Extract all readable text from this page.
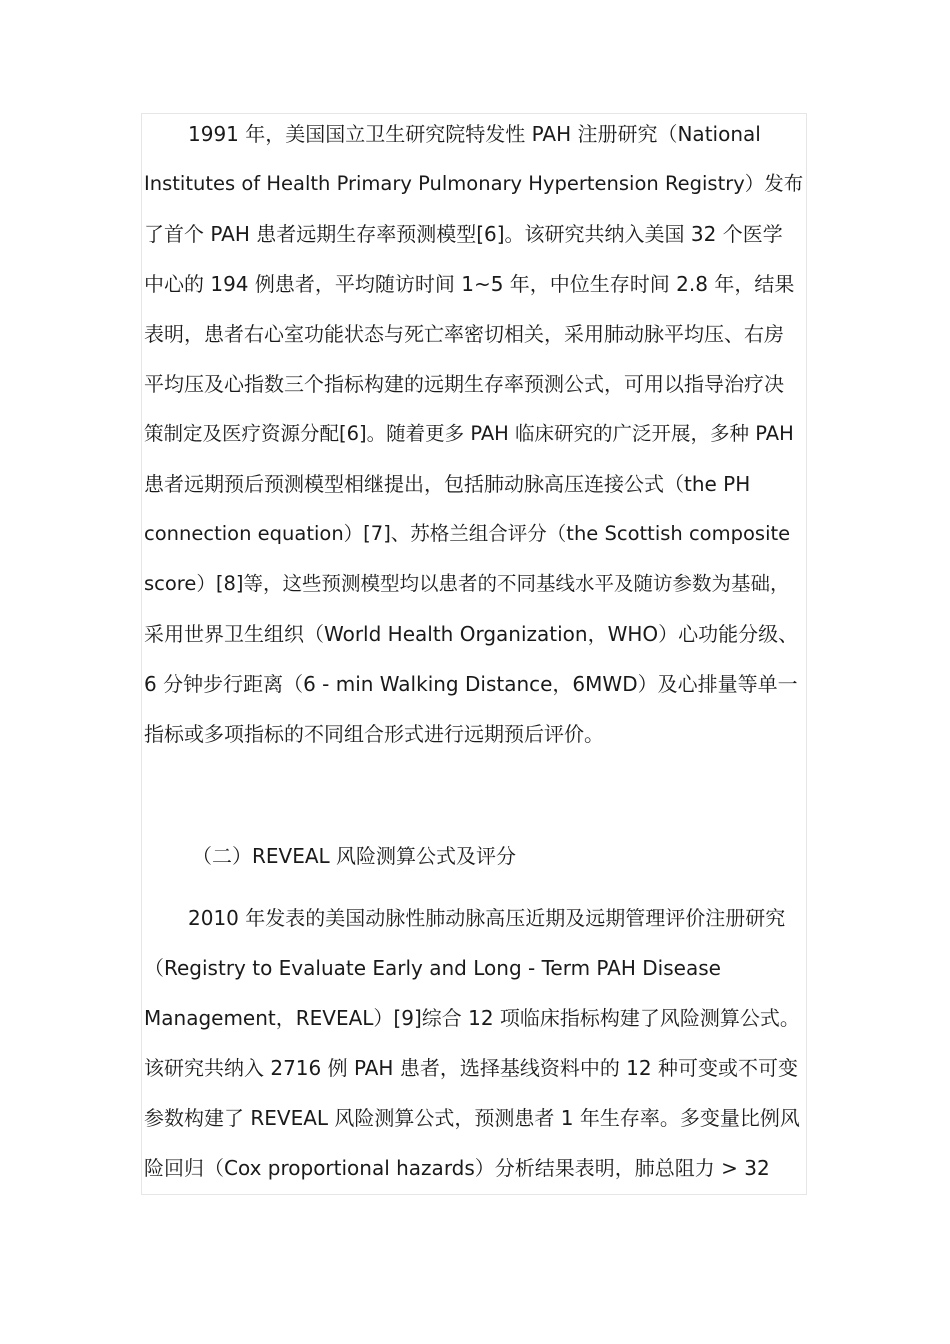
1991 年，美国国立卫生研究院特发性 PAH 注册研究（National
Institutes of Health Primary Pulmonary Hypertension Registry）发布
了首个 PAH 患者远期生存率预测模型[6]。该研究共纳入美国 32 个医学
中心的 194 例患者，平均随访时间 1~5 年，中位生存时间 2.8 年，结果
表明，患者右心室功能状态与死亡率密切相关，采用肺动脉平均压、右房
平均压及心指数三个指标构建的远期生存率预测公式，可用以指导治疗决
策制定及医疗资源分配[6]。随着更多 PAH 临床研究的广泛开展，多种 PAH
患者远期预后预测模型相继提出，包括肺动脉高压连接公式（the PH
connection equation）[7]、苏格兰组合评分（the Scottish composite
score）[8]等，这些预测模型均以患者的不同基线水平及随访参数为基础，
采用世界卫生组织（World Health Organization，WHO）心功能分级、
6 分钟步行距离（6 - min Walking Distance，6MWD）及心排量等单一
指标或多项指标的不同组合形式进行远期预后评价。
（二）REVEAL 风险测算公式及评分
2010 年发表的美国动脉性肺动脉高压近期及远期管理评价注册研究
（Registry to Evaluate Early and Long - Term PAH Disease
Management，REVEAL）[9]综合 12 项临床指标构建了风险测算公式。
该研究共纳入 2716 例 PAH 患者，选择基线资料中的 12 种可变或不可变
参数构建了 REVEAL 风险测算公式，预测患者 1 年生存率。多变量比例风
险回归（Cox proportional hazards）分析结果表明，肺总阻力 > 32
